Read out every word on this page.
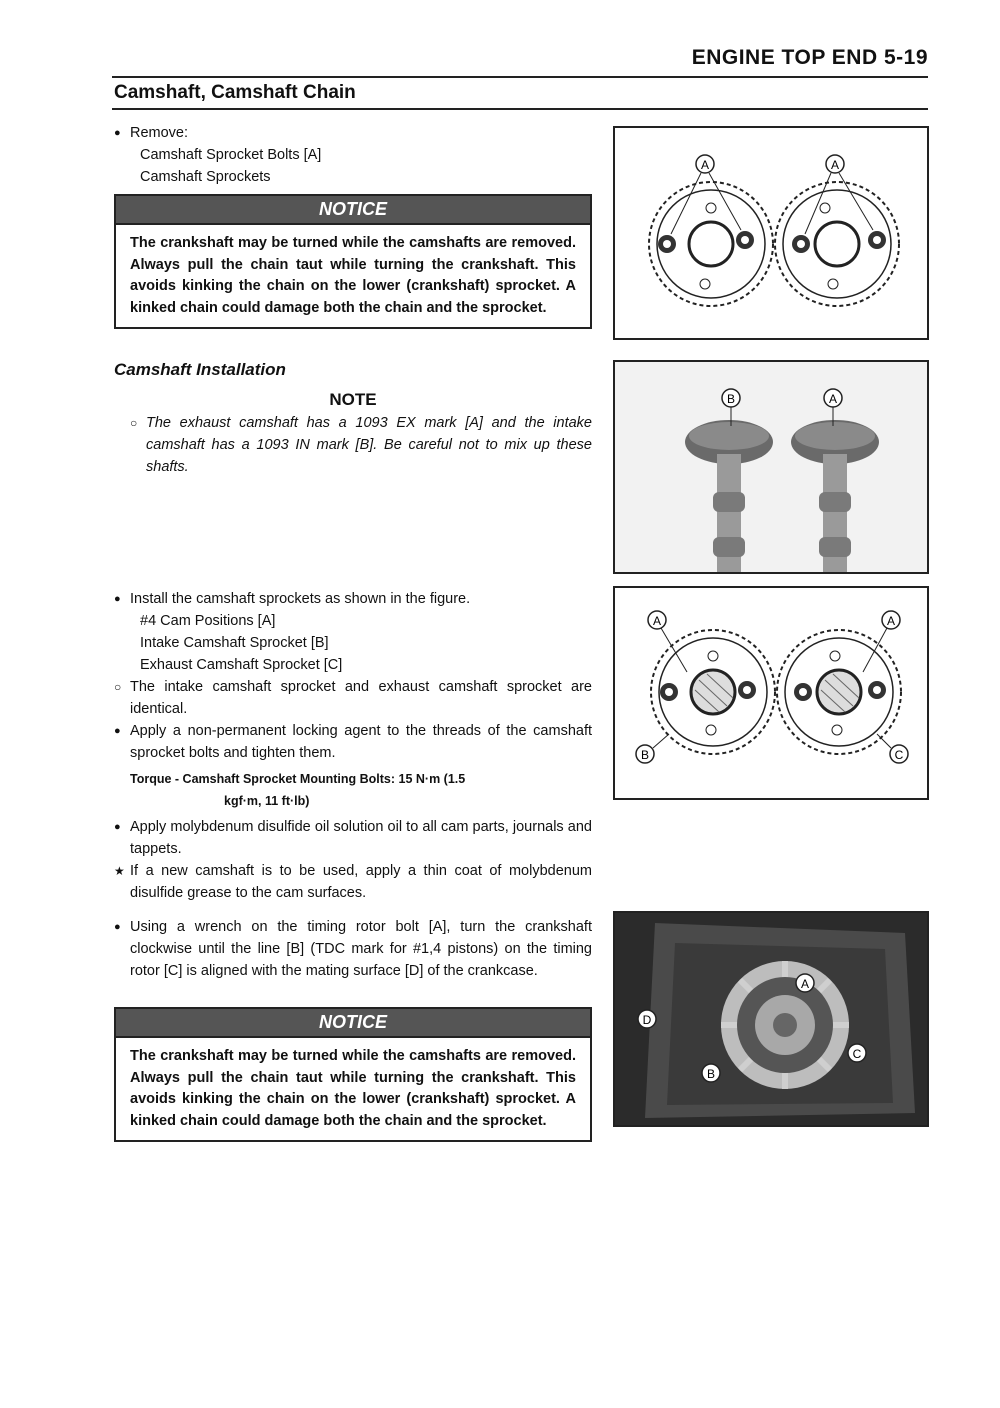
ENGINE TOP END 5-19
Camshaft, Camshaft Chain
● Remove:
Camshaft Sprocket Bolts [A]
Camshaft Sprockets
NOTICE
The crankshaft may be turned while the camshafts are removed. Always pull the chain taut while turning the crankshaft. This avoids kinking the chain on the lower (crankshaft) sprocket. A kinked chain could damage both the chain and the sprocket.
Camshaft Installation
NOTE
○ The exhaust camshaft has a 1093 EX mark [A] and the intake camshaft has a 1093 IN mark [B]. Be careful not to mix up these shafts.
● Install the camshaft sprockets as shown in the figure.
#4 Cam Positions [A]
Intake Camshaft Sprocket [B]
Exhaust Camshaft Sprocket [C]
○ The intake camshaft sprocket and exhaust camshaft sprocket are identical.
● Apply a non-permanent locking agent to the threads of the camshaft sprocket bolts and tighten them.
Torque - Camshaft Sprocket Mounting Bolts: 15 N·m (1.5
kgf·m, 11 ft·lb)
● Apply molybdenum disulfide oil solution oil to all cam parts, journals and tappets.
★ If a new camshaft is to be used, apply a thin coat of molybdenum disulfide grease to the cam surfaces.
● Using a wrench on the timing rotor bolt [A], turn the crankshaft clockwise until the line [B] (TDC mark for #1,4 pistons) on the timing rotor [C] is aligned with the mating surface [D] of the crankcase.
NOTICE
The crankshaft may be turned while the camshafts are removed. Always pull the chain taut while turning the crankshaft. This avoids kinking the chain on the lower (crankshaft) sprocket. A kinked chain could damage both the chain and the sprocket.
A	A
B	A
A	A
B	C
D
A
C
B
